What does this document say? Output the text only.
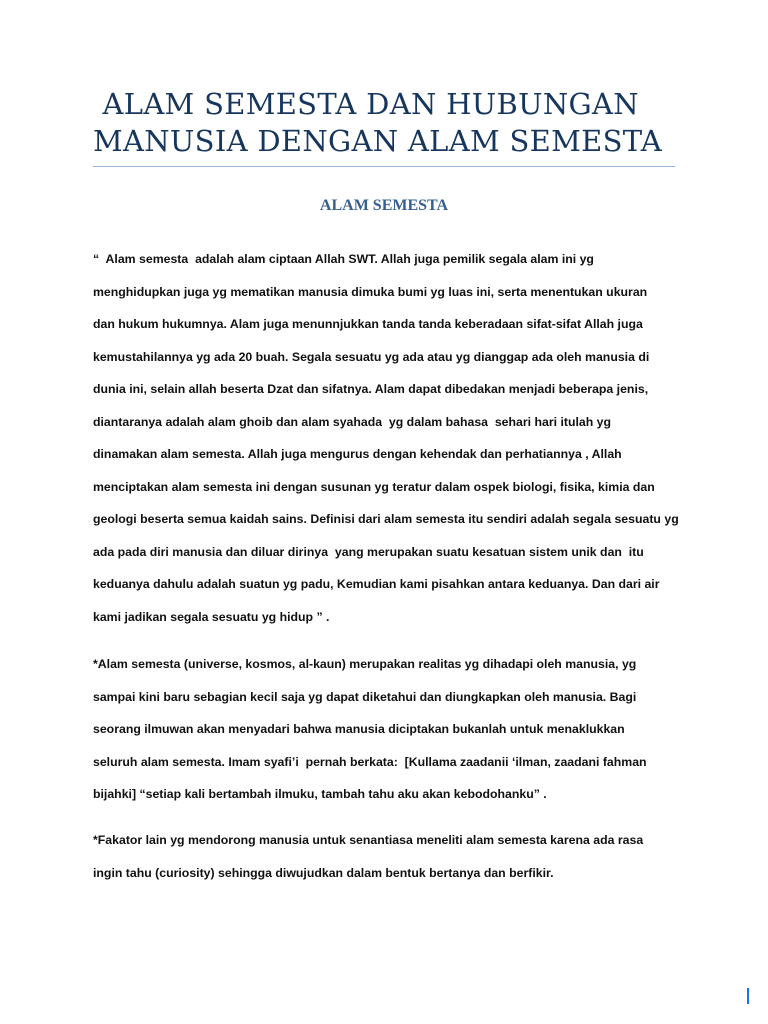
ALAM SEMESTA DAN HUBUNGAN
MANUSIA DENGAN ALAM SEMESTA
ALAM SEMESTA

“  Alam semesta  adalah alam ciptaan Allah SWT. Allah juga pemilik segala alam ini yg
menghidupkan juga yg mematikan manusia dimuka bumi yg luas ini, serta menentukan ukuran
dan hukum hukumnya. Alam juga menunnjukkan tanda tanda keberadaan sifat-sifat Allah juga
kemustahilannya yg ada 20 buah. Segala sesuatu yg ada atau yg dianggap ada oleh manusia di
dunia ini, selain allah beserta Dzat dan sifatnya. Alam dapat dibedakan menjadi beberapa jenis,
diantaranya adalah alam ghoib dan alam syahada  yg dalam bahasa  sehari hari itulah yg
dinamakan alam semesta. Allah juga mengurus dengan kehendak dan perhatiannya , Allah
menciptakan alam semesta ini dengan susunan yg teratur dalam ospek biologi, fisika, kimia dan
geologi beserta semua kaidah sains. Definisi dari alam semesta itu sendiri adalah segala sesuatu yg
ada pada diri manusia dan diluar dirinya  yang merupakan suatu kesatuan sistem unik dan  itu
keduanya dahulu adalah suatun yg padu, Kemudian kami pisahkan antara keduanya. Dan dari air
kami jadikan segala sesuatu yg hidup ” .

*Alam semesta (universe, kosmos, al-kaun) merupakan realitas yg dihadapi oleh manusia, yg
sampai kini baru sebagian kecil saja yg dapat diketahui dan diungkapkan oleh manusia. Bagi
seorang ilmuwan akan menyadari bahwa manusia diciptakan bukanlah untuk menaklukkan
seluruh alam semesta. Imam syafi’i  pernah berkata:  [Kullama zaadanii ‘ilman, zaadani fahman
bijahki] “setiap kali bertambah ilmuku, tambah tahu aku akan kebodohanku” .

*Fakator lain yg mendorong manusia untuk senantiasa meneliti alam semesta karena ada rasa
ingin tahu (curiosity) sehingga diwujudkan dalam bentuk bertanya dan berfikir.
